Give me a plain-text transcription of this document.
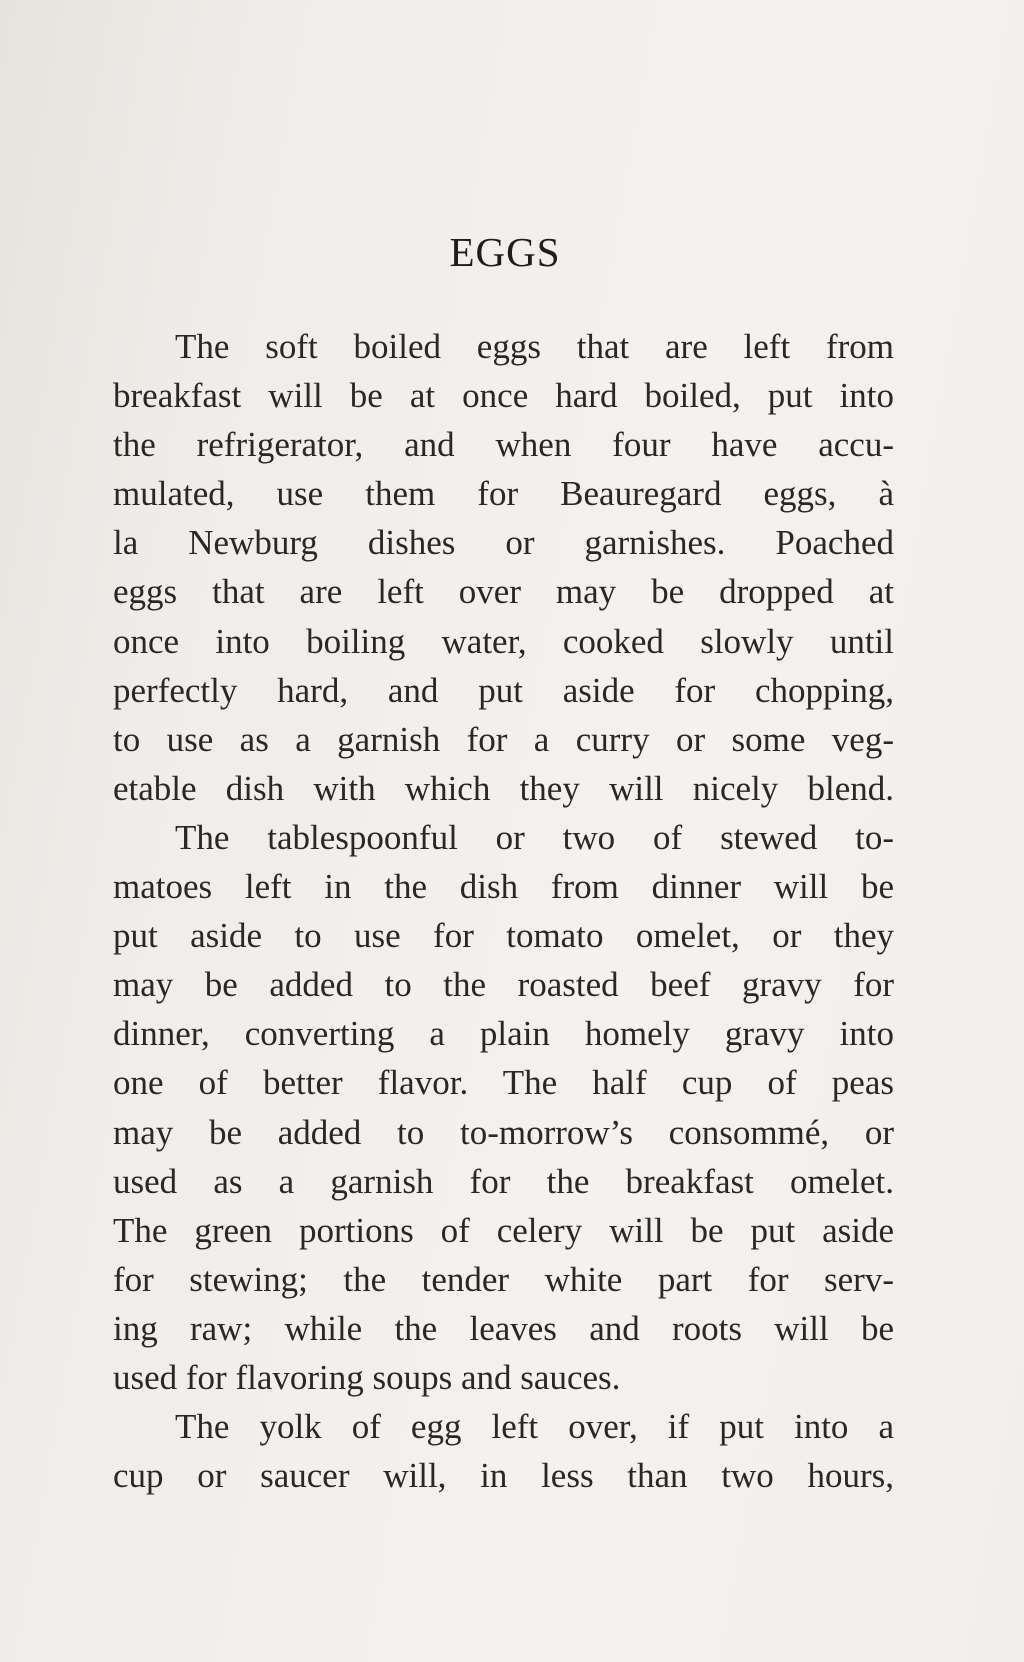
EGGS
The soft boiled eggs that are left from
breakfast will be at once hard boiled, put into
the refrigerator, and when four have accu-
mulated, use them for Beauregard eggs, à
la Newburg dishes or garnishes. Poached
eggs that are left over may be dropped at
once into boiling water, cooked slowly until
perfectly hard, and put aside for chopping,
to use as a garnish for a curry or some veg-
etable dish with which they will nicely blend.
The tablespoonful or two of stewed to-
matoes left in the dish from dinner will be
put aside to use for tomato omelet, or they
may be added to the roasted beef gravy for
dinner, converting a plain homely gravy into
one of better flavor. The half cup of peas
may be added to to-morrow’s consommé, or
used as a garnish for the breakfast omelet.
The green portions of celery will be put aside
for stewing; the tender white part for serv-
ing raw; while the leaves and roots will be
used for flavoring soups and sauces.
The yolk of egg left over, if put into a
cup or saucer will, in less than two hours,
